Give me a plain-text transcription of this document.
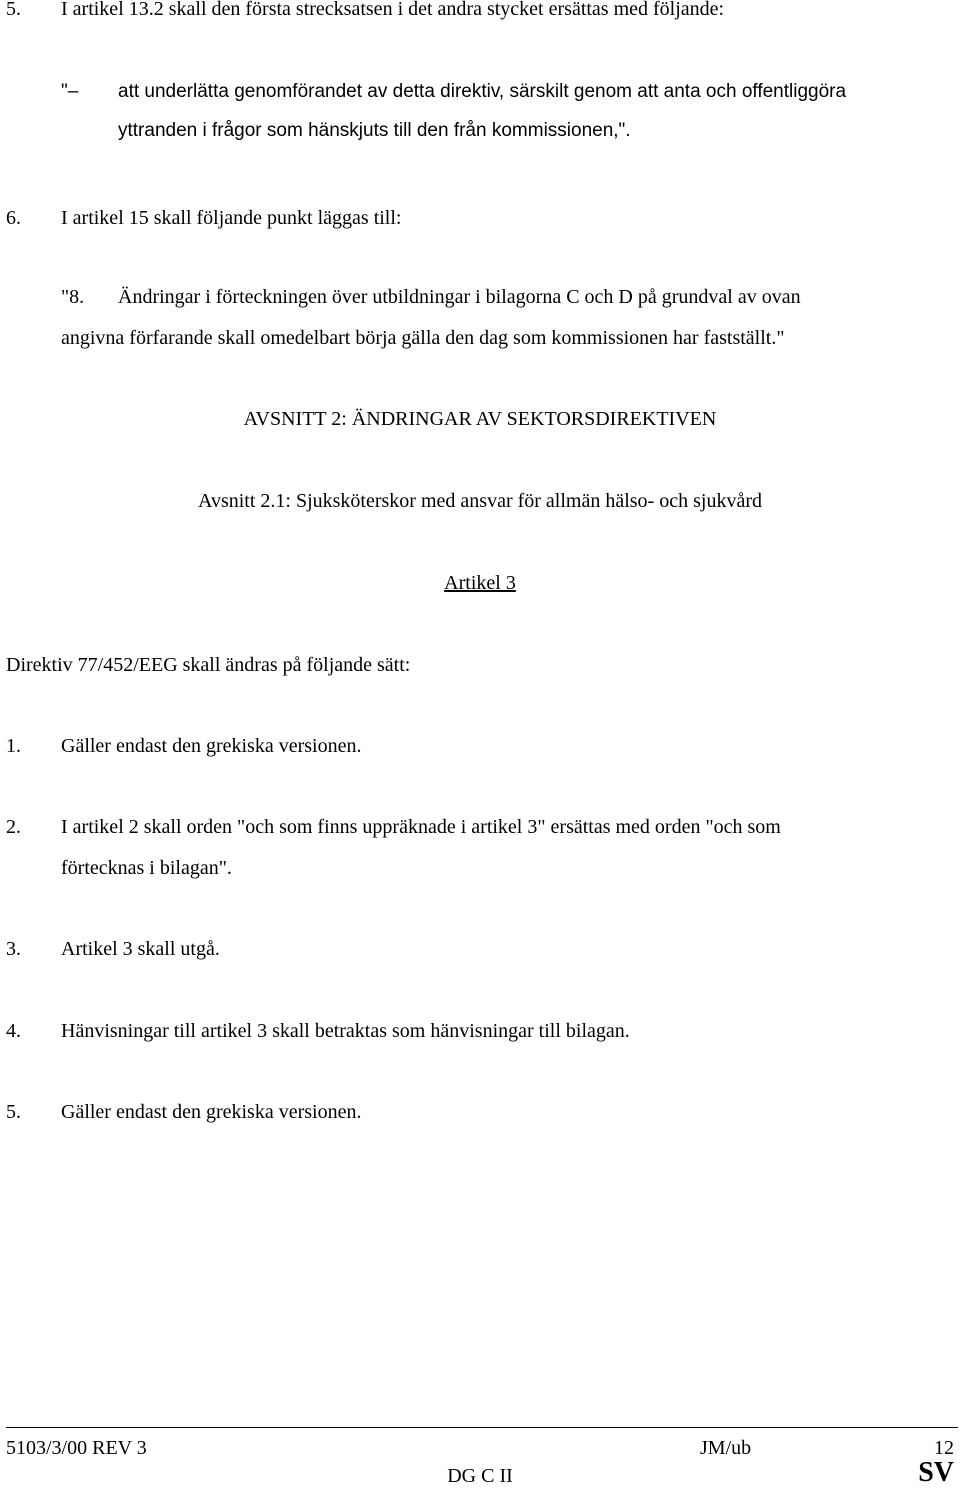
5. I artikel 13.2 skall den första strecksatsen i det andra stycket ersättas med följande:
"– att underlätta genomförandet av detta direktiv, särskilt genom att anta och offentliggöra
yttranden i frågor som hänskjuts till den från kommissionen,".
6. I artikel 15 skall följande punkt läggas till:
"8. Ändringar i förteckningen över utbildningar i bilagorna C och D på grundval av ovan
angivna förfarande skall omedelbart börja gälla den dag som kommissionen har fastställt."
AVSNITT 2: ÄNDRINGAR AV SEKTORSDIREKTIVEN
Avsnitt 2.1: Sjuksköterskor med ansvar för allmän hälso- och sjukvård
Artikel 3
Direktiv 77/452/EEG skall ändras på följande sätt:
1. Gäller endast den grekiska versionen.
2. I artikel 2 skall orden "och som finns uppräknade i artikel 3" ersättas med orden "och som
förtecknas i bilagan".
3. Artikel 3 skall utgå.
4. Hänvisningar till artikel 3 skall betraktas som hänvisningar till bilagan.
5. Gäller endast den grekiska versionen.
5103/3/00 REV 3	JM/ub	12
DG C II	SV
